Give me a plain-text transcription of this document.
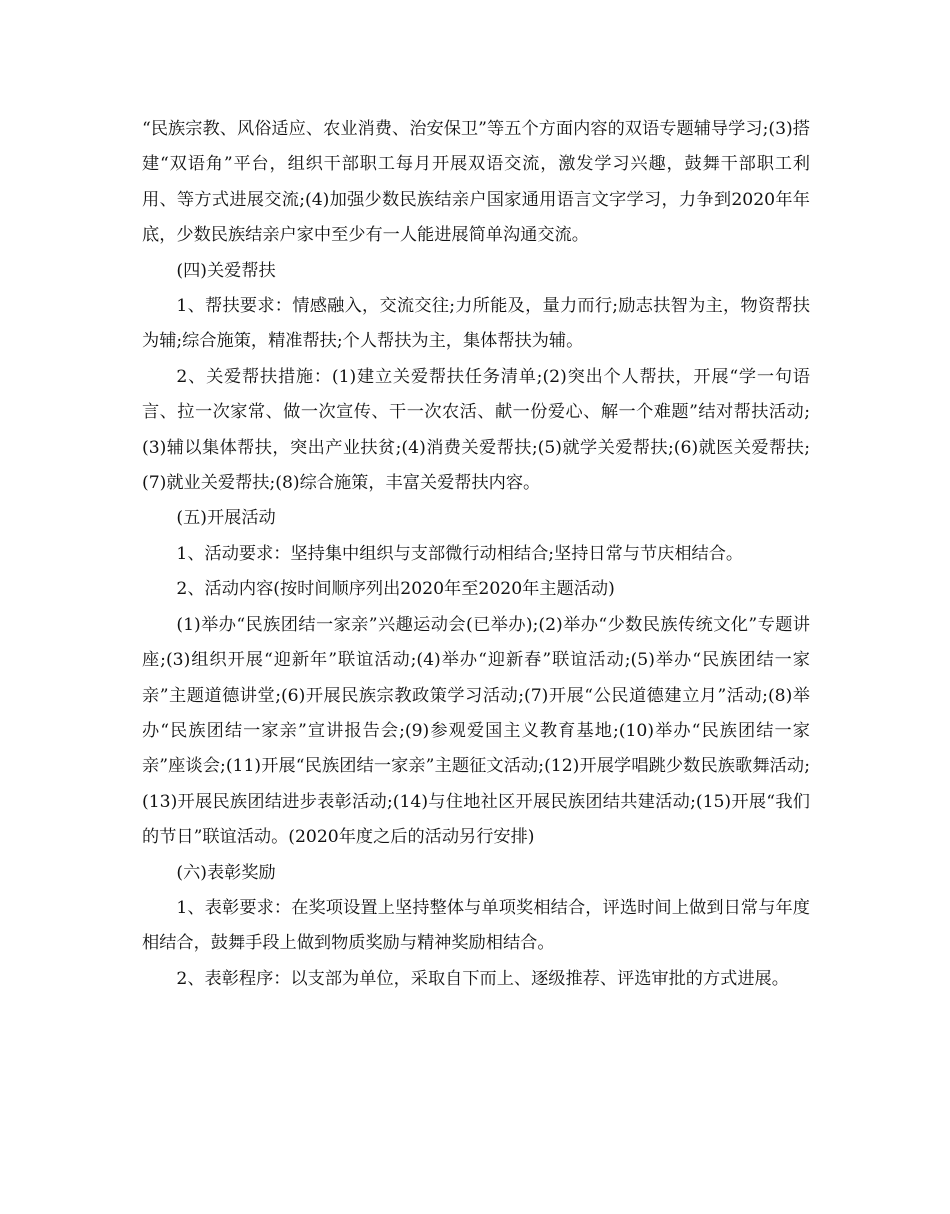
“民族宗教、风俗适应、农业消费、治安保卫”等五个方面内容的双语专题辅导学习;(3)搭建“双语角”平台，组织干部职工每月开展双语交流，激发学习兴趣，鼓舞干部职工利用、等方式进展交流;(4)加强少数民族结亲户国家通用语言文字学习，力争到2020年年底，少数民族结亲户家中至少有一人能进展简单沟通交流。

(四)关爱帮扶

1、帮扶要求：情感融入，交流交往;力所能及，量力而行;励志扶智为主，物资帮扶为辅;综合施策，精准帮扶;个人帮扶为主，集体帮扶为辅。

2、关爱帮扶措施：(1)建立关爱帮扶任务清单;(2)突出个人帮扶，开展“学一句语言、拉一次家常、做一次宣传、干一次农活、献一份爱心、解一个难题”结对帮扶活动;(3)辅以集体帮扶，突出产业扶贫;(4)消费关爱帮扶;(5)就学关爱帮扶;(6)就医关爱帮扶;(7)就业关爱帮扶;(8)综合施策，丰富关爱帮扶内容。

(五)开展活动

1、活动要求：坚持集中组织与支部微行动相结合;坚持日常与节庆相结合。

2、活动内容(按时间顺序列出2020年至2020年主题活动)

(1)举办“民族团结一家亲”兴趣运动会(已举办);(2)举办“少数民族传统文化”专题讲座;(3)组织开展“迎新年”联谊活动;(4)举办“迎新春”联谊活动;(5)举办“民族团结一家亲”主题道德讲堂;(6)开展民族宗教政策学习活动;(7)开展“公民道德建立月”活动;(8)举办“民族团结一家亲”宣讲报告会;(9)参观爱国主义教育基地;(10)举办“民族团结一家亲”座谈会;(11)开展“民族团结一家亲”主题征文活动;(12)开展学唱跳少数民族歌舞活动;(13)开展民族团结进步表彰活动;(14)与住地社区开展民族团结共建活动;(15)开展“我们的节日”联谊活动。(2020年度之后的活动另行安排)

(六)表彰奖励

1、表彰要求：在奖项设置上坚持整体与单项奖相结合，评选时间上做到日常与年度相结合，鼓舞手段上做到物质奖励与精神奖励相结合。

2、表彰程序：以支部为单位，采取自下而上、逐级推荐、评选审批的方式进展。
